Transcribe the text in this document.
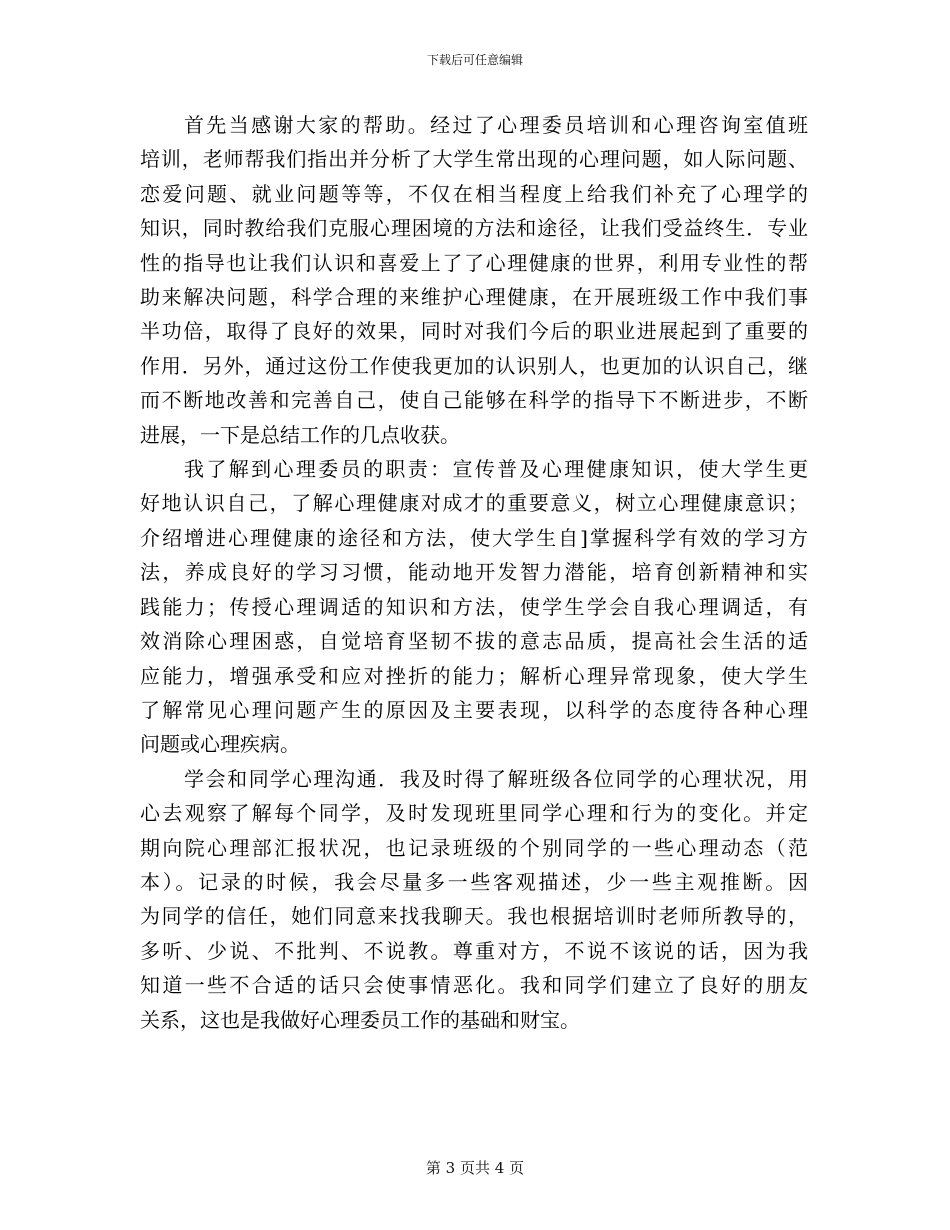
下载后可任意编辑
首先当感谢大家的帮助。经过了心理委员培训和心理咨询室值班
培训，老师帮我们指出并分析了大学生常出现的心理问题，如人际问题、
恋爱问题、就业问题等等，不仅在相当程度上给我们补充了心理学的
知识，同时教给我们克服心理困境的方法和途径，让我们受益终生．专业
性的指导也让我们认识和喜爱上了了心理健康的世界，利用专业性的帮
助来解决问题，科学合理的来维护心理健康，在开展班级工作中我们事
半功倍，取得了良好的效果，同时对我们今后的职业进展起到了重要的
作用．另外，通过这份工作使我更加的认识别人，也更加的认识自己，继
而不断地改善和完善自己，使自己能够在科学的指导下不断进步，不断
进展，一下是总结工作的几点收获。
我了解到心理委员的职责：宣传普及心理健康知识，使大学生更
好地认识自己，了解心理健康对成才的重要意义，树立心理健康意识；
介绍增进心理健康的途径和方法，使大学生自]掌握科学有效的学习方
法，养成良好的学习习惯，能动地开发智力潜能，培育创新精神和实
践能力；传授心理调适的知识和方法，使学生学会自我心理调适，有
效消除心理困惑，自觉培育坚韧不拔的意志品质，提高社会生活的适
应能力，增强承受和应对挫折的能力；解析心理异常现象，使大学生
了解常见心理问题产生的原因及主要表现，以科学的态度待各种心理
问题或心理疾病。
学会和同学心理沟通．我及时得了解班级各位同学的心理状况，用
心去观察了解每个同学，及时发现班里同学心理和行为的变化。并定
期向院心理部汇报状况，也记录班级的个别同学的一些心理动态（范
本）。记录的时候，我会尽量多一些客观描述，少一些主观推断。因
为同学的信任，她们同意来找我聊天。我也根据培训时老师所教导的，
多听、少说、不批判、不说教。尊重对方，不说不该说的话，因为我
知道一些不合适的话只会使事情恶化。我和同学们建立了良好的朋友
关系，这也是我做好心理委员工作的基础和财宝。
第 3 页共 4 页
